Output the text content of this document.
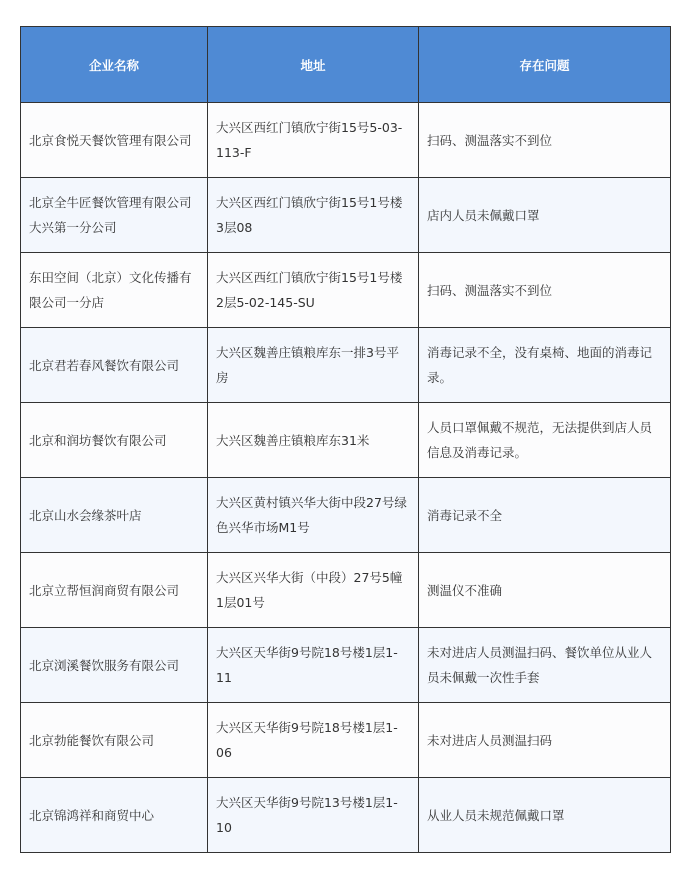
企业名称	地址	存在问题
北京食悦天餐饮管理有限公司	大兴区西红门镇欣宁街15号5-03-113-F	扫码、测温落实不到位
北京全牛匠餐饮管理有限公司大兴第一分公司	大兴区西红门镇欣宁街15号1号楼3层08	店内人员未佩戴口罩
东田空间（北京）文化传播有限公司一分店	大兴区西红门镇欣宁街15号1号楼2层5-02-145-SU	扫码、测温落实不到位
北京君若春风餐饮有限公司	大兴区魏善庄镇粮库东一排3号平房	消毒记录不全，没有桌椅、地面的消毒记录。
北京和润坊餐饮有限公司	大兴区魏善庄镇粮库东31米	人员口罩佩戴不规范，无法提供到店人员信息及消毒记录。
北京山水会缘茶叶店	大兴区黄村镇兴华大街中段27号绿色兴华市场M1号	消毒记录不全
北京立帮恒润商贸有限公司	大兴区兴华大街（中段）27号5幢1层01号	测温仪不准确
北京浏溪餐饮服务有限公司	大兴区天华街9号院18号楼1层1-11	未对进店人员测温扫码、餐饮单位从业人员未佩戴一次性手套
北京勃能餐饮有限公司	大兴区天华街9号院18号楼1层1-06	未对进店人员测温扫码
北京锦鸿祥和商贸中心	大兴区天华街9号院13号楼1层1-10	从业人员未规范佩戴口罩
